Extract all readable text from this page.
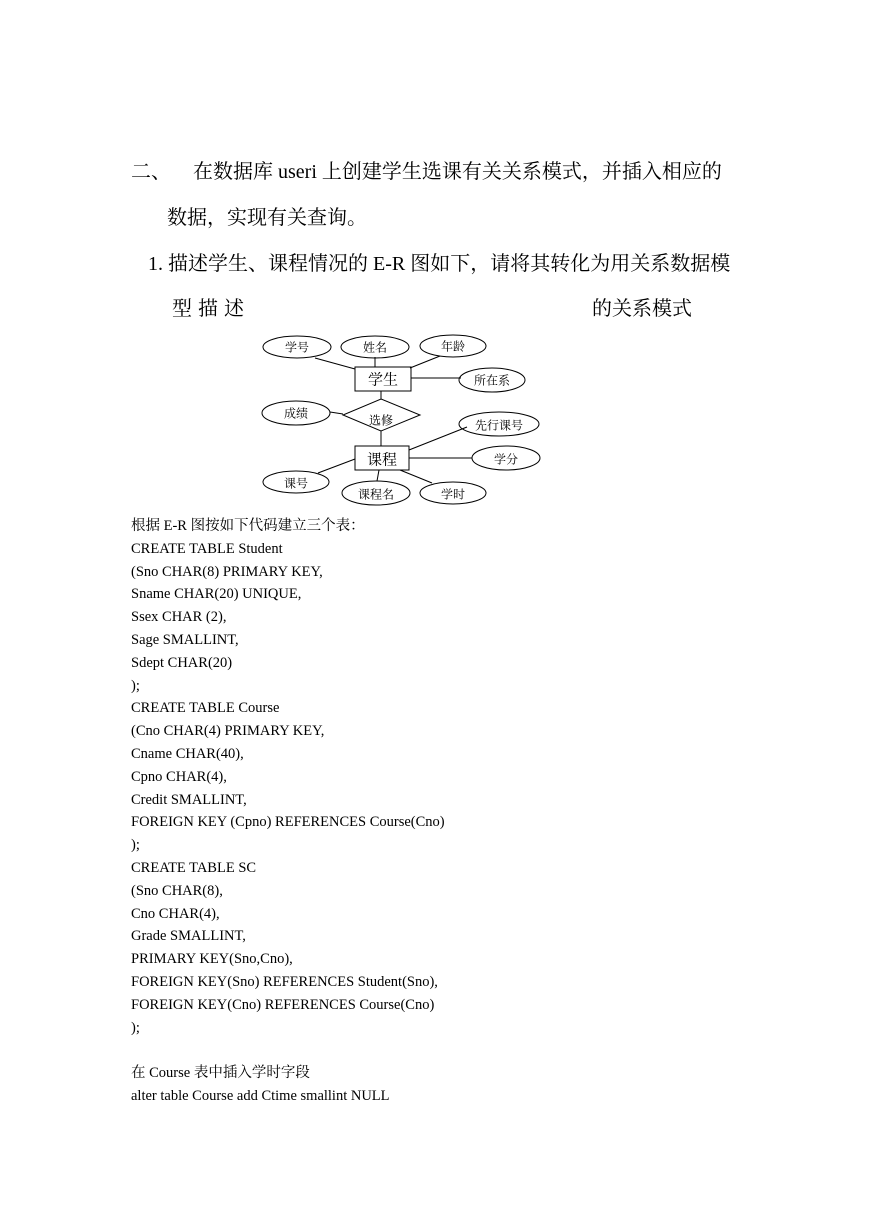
二、 在数据库 useri 上创建学生选课有关关系模式，并插入相应的
数据，实现有关查询。
1. 描述学生、课程情况的 E-R 图如下，请将其转化为用关系数据模
型描述	的关系模式
学号	姓名	年龄
所在系
成绩
先行课号
学分
课号
课程名	学时
选修
学生
课程
根据 E-R 图按如下代码建立三个表：
CREATE TABLE Student
(Sno CHAR(8) PRIMARY KEY,
Sname CHAR(20) UNIQUE,
Ssex CHAR (2),
Sage SMALLINT,
Sdept CHAR(20)
);
CREATE TABLE Course
(Cno CHAR(4) PRIMARY KEY,
Cname CHAR(40),
Cpno CHAR(4),
Credit SMALLINT,
FOREIGN KEY (Cpno) REFERENCES Course(Cno)
);
CREATE TABLE SC
(Sno CHAR(8),
Cno CHAR(4),
Grade SMALLINT,
PRIMARY KEY(Sno,Cno),
FOREIGN KEY(Sno) REFERENCES Student(Sno),
FOREIGN KEY(Cno) REFERENCES Course(Cno)
);
在 Course 表中插入学时字段
alter table Course add Ctime smallint NULL
